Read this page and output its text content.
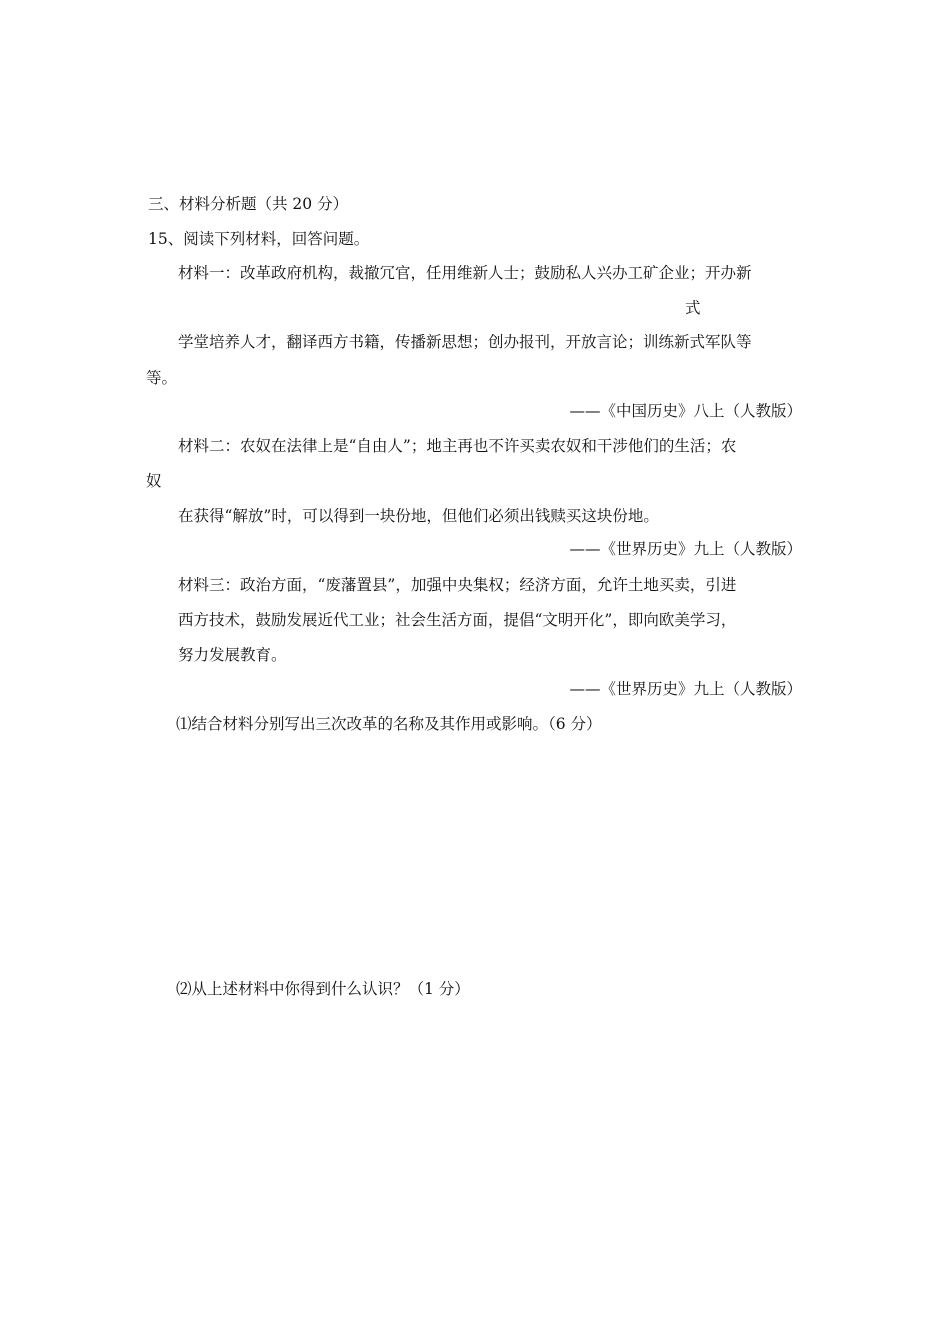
三、材料分析题（共 20 分）
15、阅读下列材料，回答问题。
材料一：改革政府机构，裁撤冗官，任用维新人士；鼓励私人兴办工矿企业；开办新
式
学堂培养人才，翻译西方书籍，传播新思想；创办报刊，开放言论；训练新式军队等
等。
——《中国历史》八上（人教版）
材料二：农奴在法律上是“自由人”；地主再也不许买卖农奴和干涉他们的生活；农
奴
在获得“解放”时，可以得到一块份地，但他们必须出钱赎买这块份地。
——《世界历史》九上（人教版）
材料三：政治方面，“废藩置县”，加强中央集权；经济方面，允许土地买卖，引进
西方技术，鼓励发展近代工业；社会生活方面，提倡“文明开化”，即向欧美学习，
努力发展教育。
——《世界历史》九上（人教版）
⑴结合材料分别写出三次改革的名称及其作用或影响。（6 分）
⑵从上述材料中你得到什么认识？（1 分）
